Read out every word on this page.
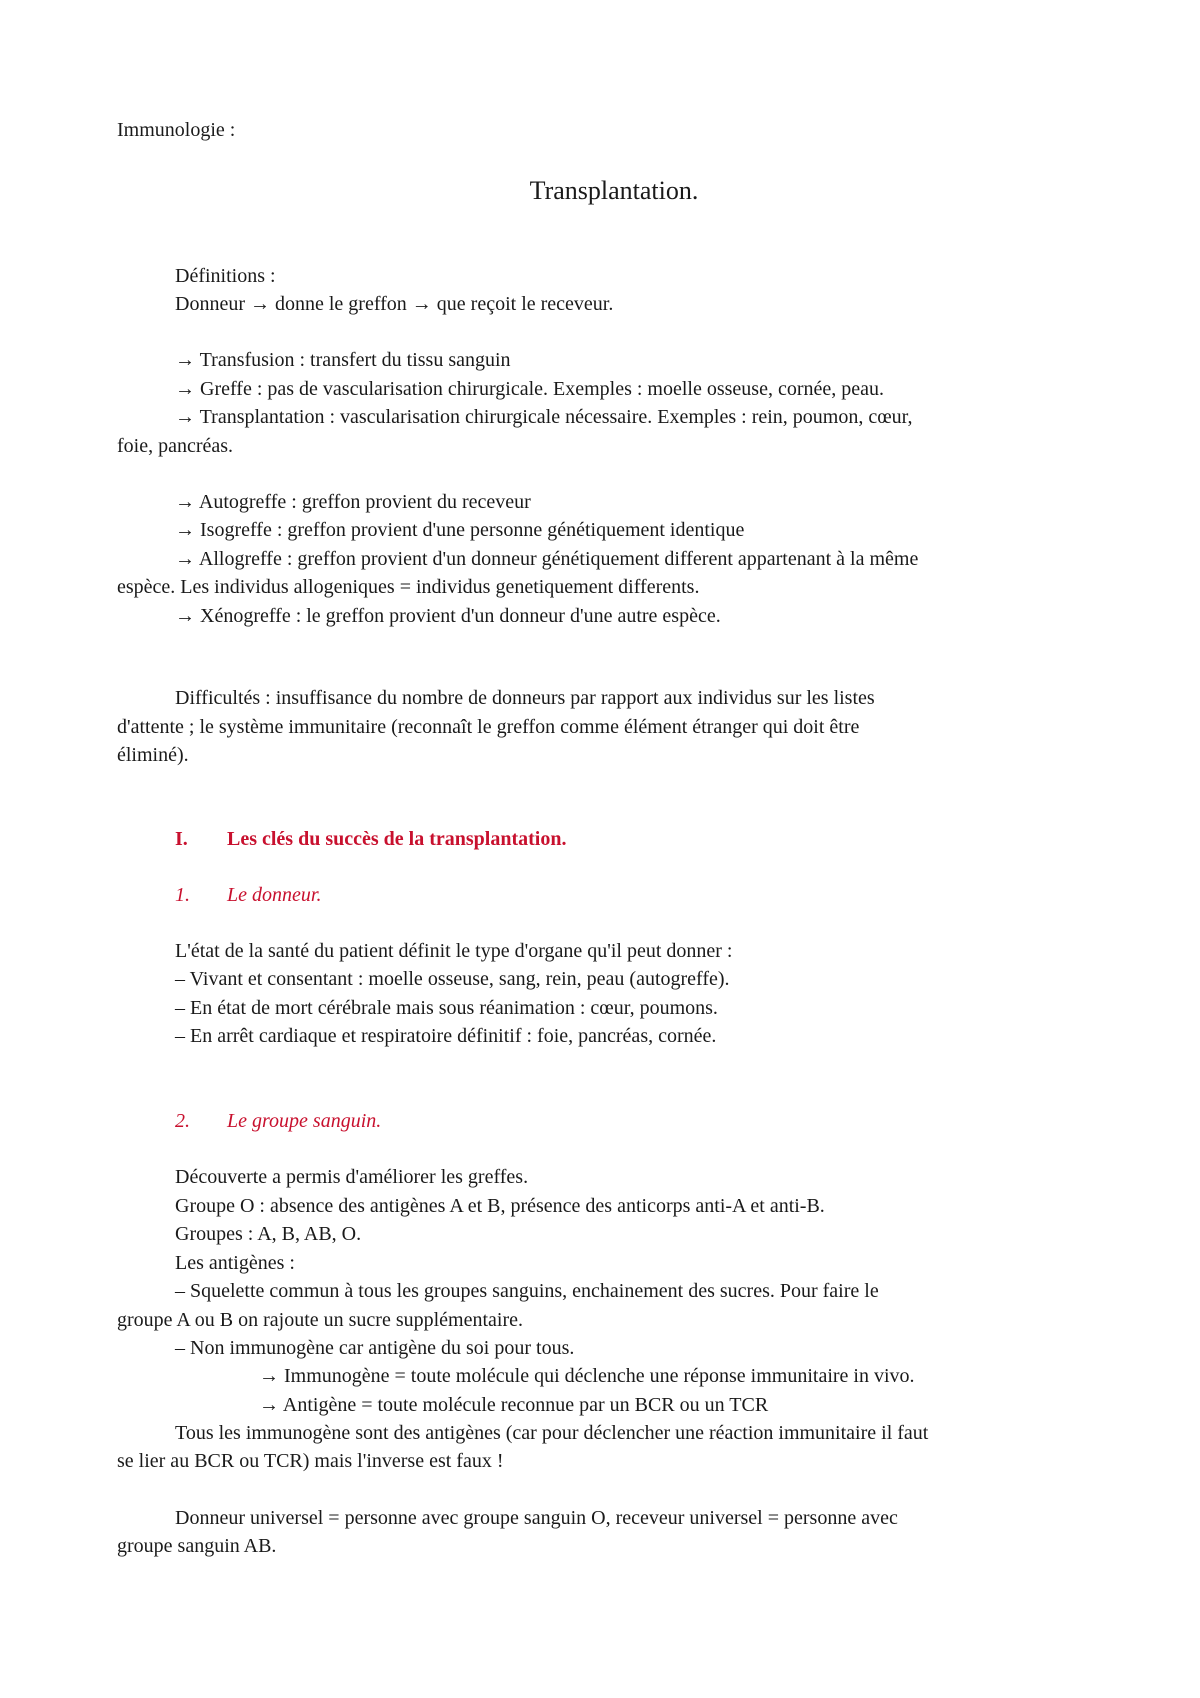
Immunologie :
Transplantation.
Définitions :
Donneur → donne le greffon → que reçoit le receveur.
→ Transfusion : transfert du tissu sanguin
→ Greffe : pas de vascularisation chirurgicale. Exemples : moelle osseuse, cornée, peau.
→ Transplantation : vascularisation chirurgicale nécessaire. Exemples : rein, poumon, cœur,
foie, pancréas.
→ Autogreffe : greffon provient du receveur
→ Isogreffe : greffon provient d'une personne génétiquement identique
→ Allogreffe : greffon provient d'un donneur génétiquement different appartenant à la même
espèce. Les individus allogeniques = individus genetiquement differents.
→ Xénogreffe : le greffon provient d'un donneur d'une autre espèce.
Difficultés : insuffisance du nombre de donneurs par rapport aux individus sur les listes
d'attente ; le système immunitaire (reconnaît le greffon comme élément étranger qui doit être
éliminé).
I. Les clés du succès de la transplantation.
1. Le donneur.
L'état de la santé du patient définit le type d'organe qu'il peut donner :
– Vivant et consentant : moelle osseuse, sang, rein, peau (autogreffe).
– En état de mort cérébrale mais sous réanimation : cœur, poumons.
– En arrêt cardiaque et respiratoire définitif : foie, pancréas, cornée.
2. Le groupe sanguin.
Découverte a permis d'améliorer les greffes.
Groupe O : absence des antigènes A et B, présence des anticorps anti-A et anti-B.
Groupes : A, B, AB, O.
Les antigènes :
– Squelette commun à tous les groupes sanguins, enchainement des sucres. Pour faire le
groupe A ou B on rajoute un sucre supplémentaire.
– Non immunogène car antigène du soi pour tous.
→ Immunogène = toute molécule qui déclenche une réponse immunitaire in vivo.
→ Antigène = toute molécule reconnue par un BCR ou un TCR
Tous les immunogène sont des antigènes (car pour déclencher une réaction immunitaire il faut
se lier au BCR ou TCR) mais l'inverse est faux !
Donneur universel = personne avec groupe sanguin O, receveur universel = personne avec
groupe sanguin AB.
